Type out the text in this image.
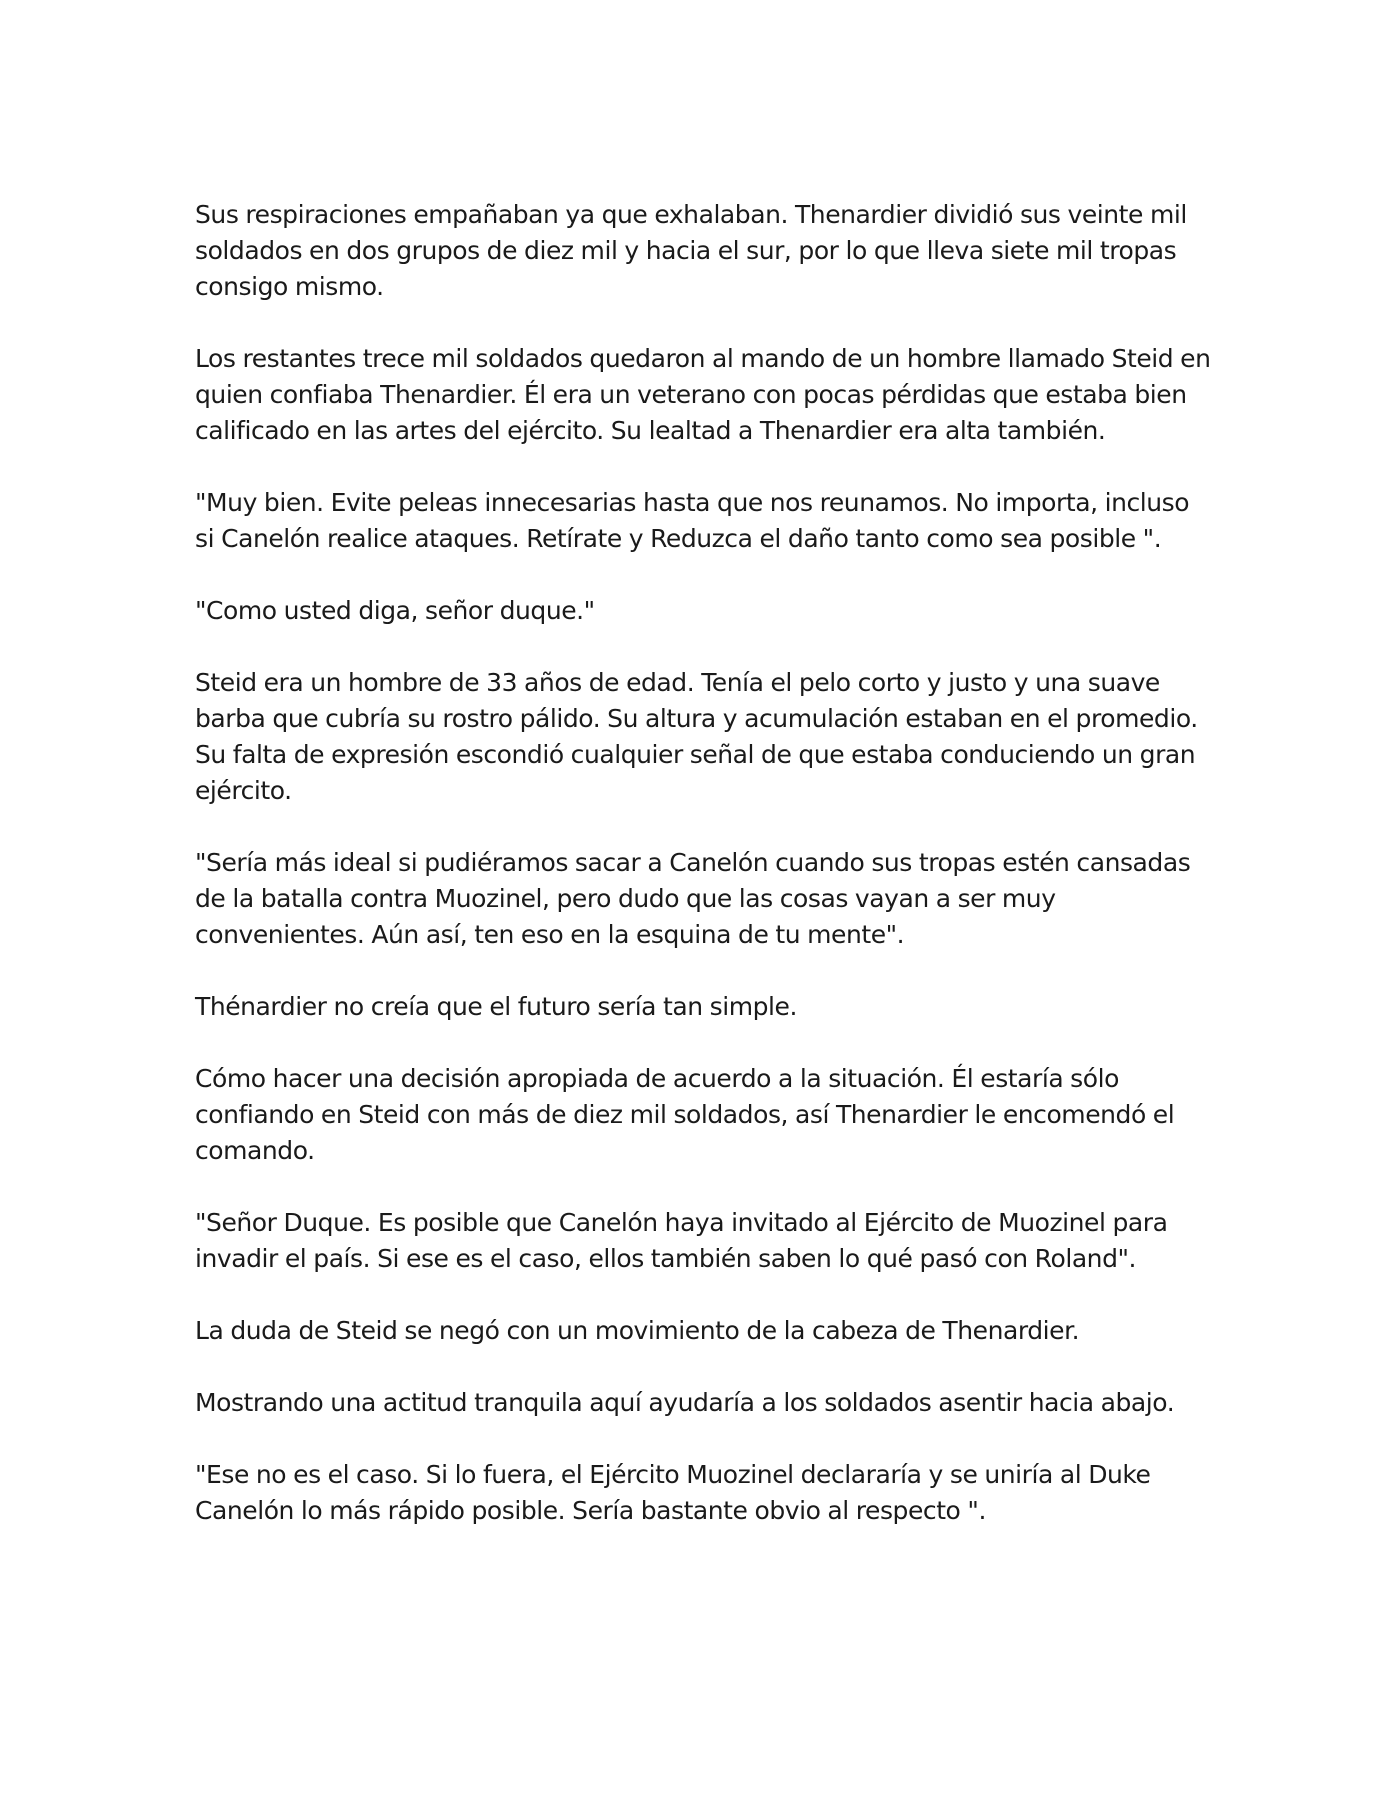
Sus respiraciones empañaban ya que exhalaban. Thenardier dividió sus veinte mil soldados en dos grupos de diez mil y hacia el sur, por lo que lleva siete mil tropas consigo mismo.

Los restantes trece mil soldados quedaron al mando de un hombre llamado Steid en quien confiaba Thenardier. Él era un veterano con pocas pérdidas que estaba bien calificado en las artes del ejército. Su lealtad a Thenardier era alta también.

"Muy bien. Evite peleas innecesarias hasta que nos reunamos. No importa, incluso si Canelón realice ataques. Retírate y Reduzca el daño tanto como sea posible ".

"Como usted diga, señor duque."

Steid era un hombre de 33 años de edad. Tenía el pelo corto y justo y una suave barba que cubría su rostro pálido. Su altura y acumulación estaban en el promedio. Su falta de expresión escondió cualquier señal de que estaba conduciendo un gran ejército.

"Sería más ideal si pudiéramos sacar a Canelón cuando sus tropas estén cansadas de la batalla contra Muozinel, pero dudo que las cosas vayan a ser muy convenientes. Aún así, ten eso en la esquina de tu mente".

Thénardier no creía que el futuro sería tan simple.

Cómo hacer una decisión apropiada de acuerdo a la situación. Él estaría sólo confiando en Steid con más de diez mil soldados, así Thenardier le encomendó el comando.

"Señor Duque. Es posible que Canelón haya invitado al Ejército de Muozinel para invadir el país. Si ese es el caso, ellos también saben lo qué pasó con Roland".

La duda de Steid se negó con un movimiento de la cabeza de Thenardier.

Mostrando una actitud tranquila aquí ayudaría a los soldados asentir hacia abajo.

"Ese no es el caso. Si lo fuera, el Ejército Muozinel declararía y se uniría al Duke Canelón lo más rápido posible. Sería bastante obvio al respecto ".
